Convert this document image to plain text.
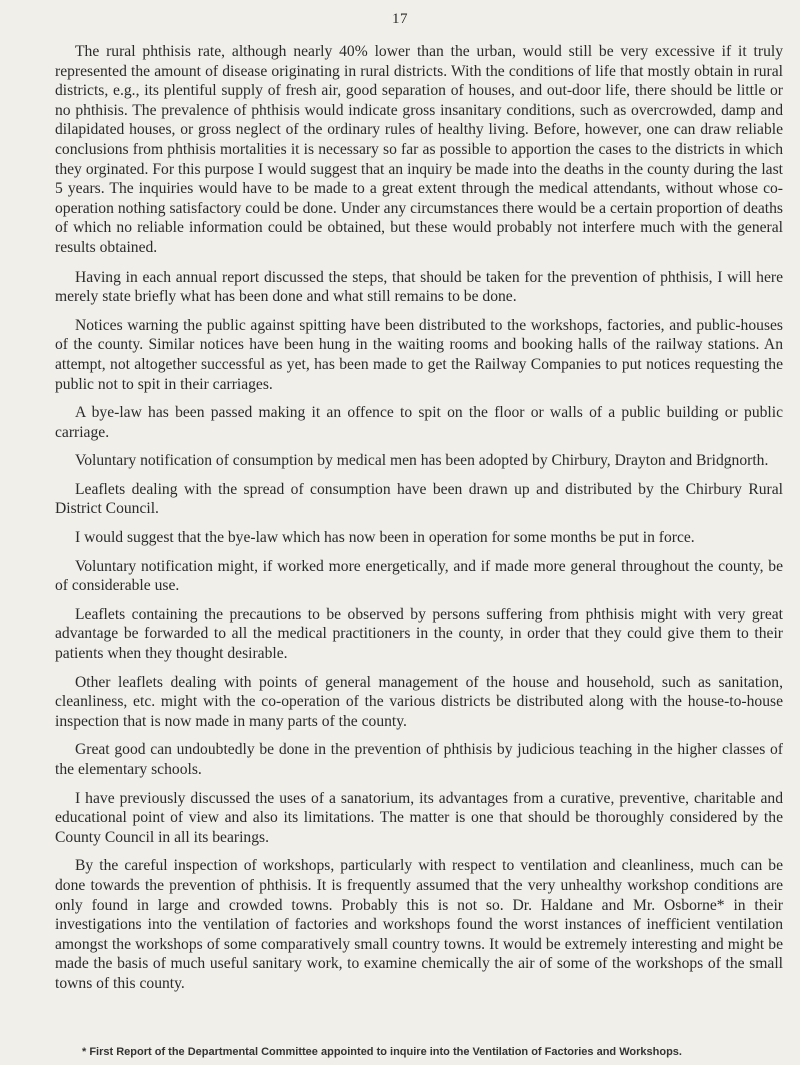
17

The rural phthisis rate, although nearly 40% lower than the urban, would still be very excessive if it truly represented the amount of disease originating in rural districts. With the conditions of life that mostly obtain in rural districts, e.g., its plentiful supply of fresh air, good separation of houses, and out-door life, there should be little or no phthisis. The prevalence of phthisis would indicate gross insanitary conditions, such as overcrowded, damp and dilapidated houses, or gross neglect of the ordinary rules of healthy living. Before, however, one can draw reliable conclusions from phthisis mortalities it is necessary so far as possible to apportion the cases to the districts in which they orginated. For this purpose I would suggest that an inquiry be made into the deaths in the county during the last 5 years. The inquiries would have to be made to a great extent through the medical attendants, without whose co-operation nothing satisfactory could be done. Under any circumstances there would be a certain proportion of deaths of which no reliable information could be obtained, but these would probably not interfere much with the general results obtained.

Having in each annual report discussed the steps, that should be taken for the prevention of phthisis, I will here merely state briefly what has been done and what still remains to be done.

Notices warning the public against spitting have been distributed to the workshops, factories, and public-houses of the county. Similar notices have been hung in the waiting rooms and booking halls of the railway stations. An attempt, not altogether successful as yet, has been made to get the Railway Companies to put notices requesting the public not to spit in their carriages.

A bye-law has been passed making it an offence to spit on the floor or walls of a public building or public carriage.

Voluntary notification of consumption by medical men has been adopted by Chirbury, Drayton and Bridgnorth.

Leaflets dealing with the spread of consumption have been drawn up and distributed by the Chirbury Rural District Council.

I would suggest that the bye-law which has now been in operation for some months be put in force.

Voluntary notification might, if worked more energetically, and if made more general throughout the county, be of considerable use.

Leaflets containing the precautions to be observed by persons suffering from phthisis might with very great advantage be forwarded to all the medical practitioners in the county, in order that they could give them to their patients when they thought desirable.

Other leaflets dealing with points of general management of the house and household, such as sanitation, cleanliness, etc. might with the co-operation of the various districts be distributed along with the house-to-house inspection that is now made in many parts of the county.

Great good can undoubtedly be done in the prevention of phthisis by judicious teaching in the higher classes of the elementary schools.

I have previously discussed the uses of a sanatorium, its advantages from a curative, preventive, charitable and educational point of view and also its limitations. The matter is one that should be thoroughly considered by the County Council in all its bearings.

By the careful inspection of workshops, particularly with respect to ventilation and cleanliness, much can be done towards the prevention of phthisis. It is frequently assumed that the very unhealthy workshop conditions are only found in large and crowded towns. Probably this is not so. Dr. Haldane and Mr. Osborne* in their investigations into the ventilation of factories and workshops found the worst instances of inefficient ventilation amongst the workshops of some comparatively small country towns. It would be extremely interesting and might be made the basis of much useful sanitary work, to examine chemically the air of some of the workshops of the small towns of this county.

* First Report of the Departmental Committee appointed to inquire into the Ventilation of Factories and Workshops.
